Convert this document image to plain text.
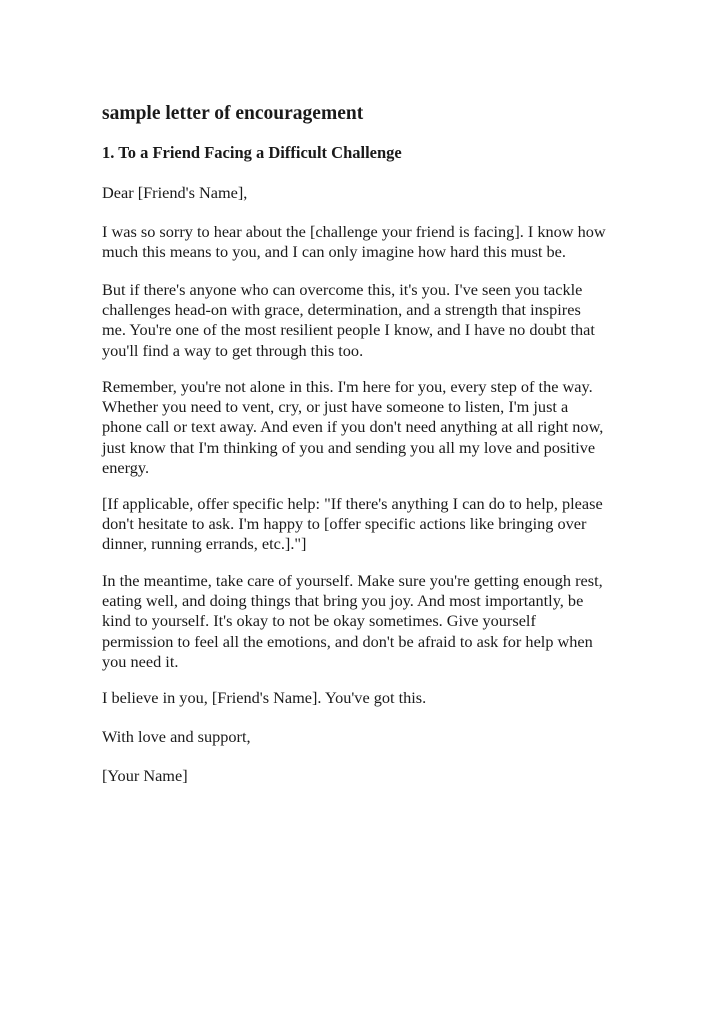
sample letter of encouragement
1. To a Friend Facing a Difficult Challenge

Dear [Friend's Name],

I was so sorry to hear about the [challenge your friend is facing]. I know how
much this means to you, and I can only imagine how hard this must be.

But if there's anyone who can overcome this, it's you. I've seen you tackle
challenges head-on with grace, determination, and a strength that inspires
me. You're one of the most resilient people I know, and I have no doubt that
you'll find a way to get through this too.

Remember, you're not alone in this. I'm here for you, every step of the way.
Whether you need to vent, cry, or just have someone to listen, I'm just a
phone call or text away. And even if you don't need anything at all right now,
just know that I'm thinking of you and sending you all my love and positive
energy.

[If applicable, offer specific help: "If there's anything I can do to help, please
don't hesitate to ask. I'm happy to [offer specific actions like bringing over
dinner, running errands, etc.]."]

In the meantime, take care of yourself. Make sure you're getting enough rest,
eating well, and doing things that bring you joy. And most importantly, be
kind to yourself. It's okay to not be okay sometimes. Give yourself
permission to feel all the emotions, and don't be afraid to ask for help when
you need it.

I believe in you, [Friend's Name]. You've got this.

With love and support,

[Your Name]
